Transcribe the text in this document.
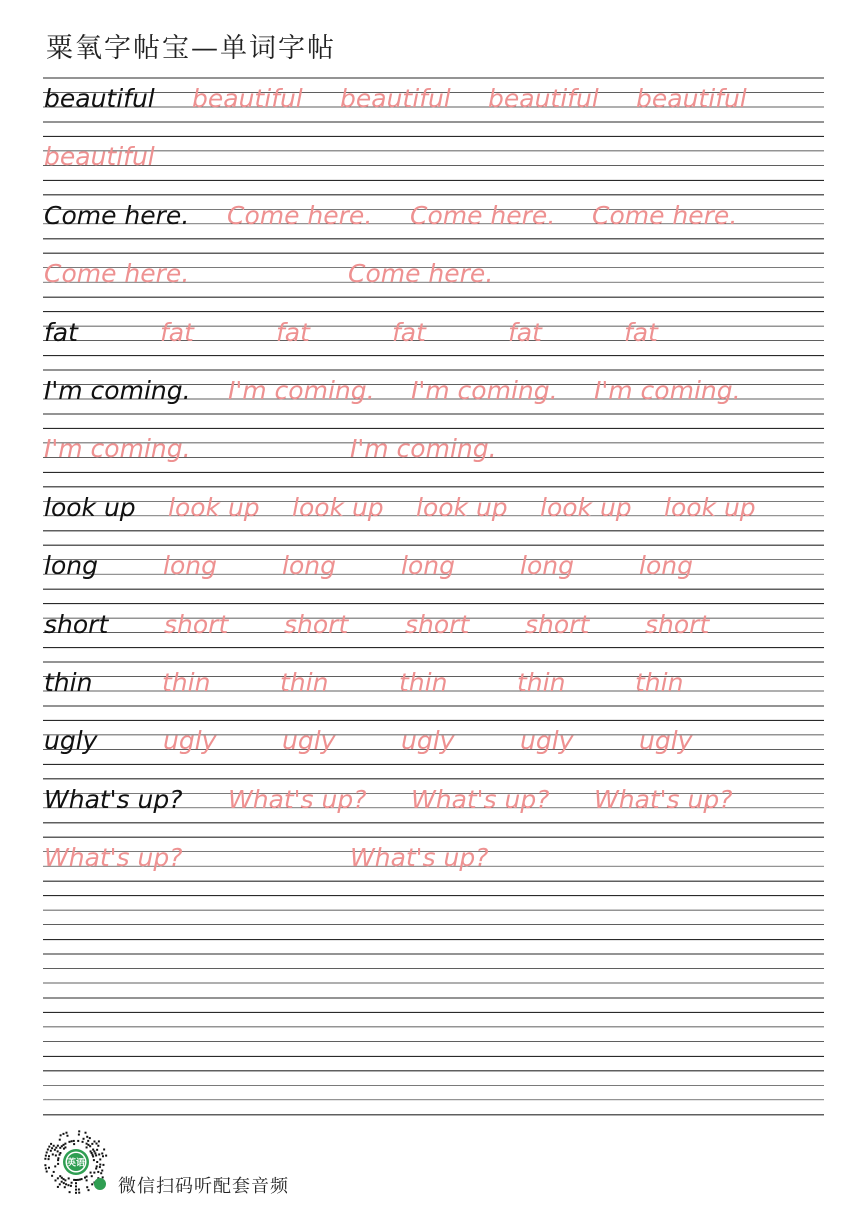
粟氧字帖宝—单词字帖
beautiful beautiful beautiful beautiful beautiful
beautiful
Come here. Come here. Come here. Come here.
Come here.	Come here.
fat	fat	fat	fat	fat	fat
I'm coming. I'm coming. I'm coming. I'm coming.
I'm coming.	I'm coming.
look up look up look up look up look up look up
long	long	long	long	long	long
short short short short short short
thin	thin	thin	thin	thin	thin
ugly	ugly	ugly	ugly	ugly	ugly
What's up? What's up? What's up? What's up?
What's up?	What's up?
英语
微信扫码听配套音频
